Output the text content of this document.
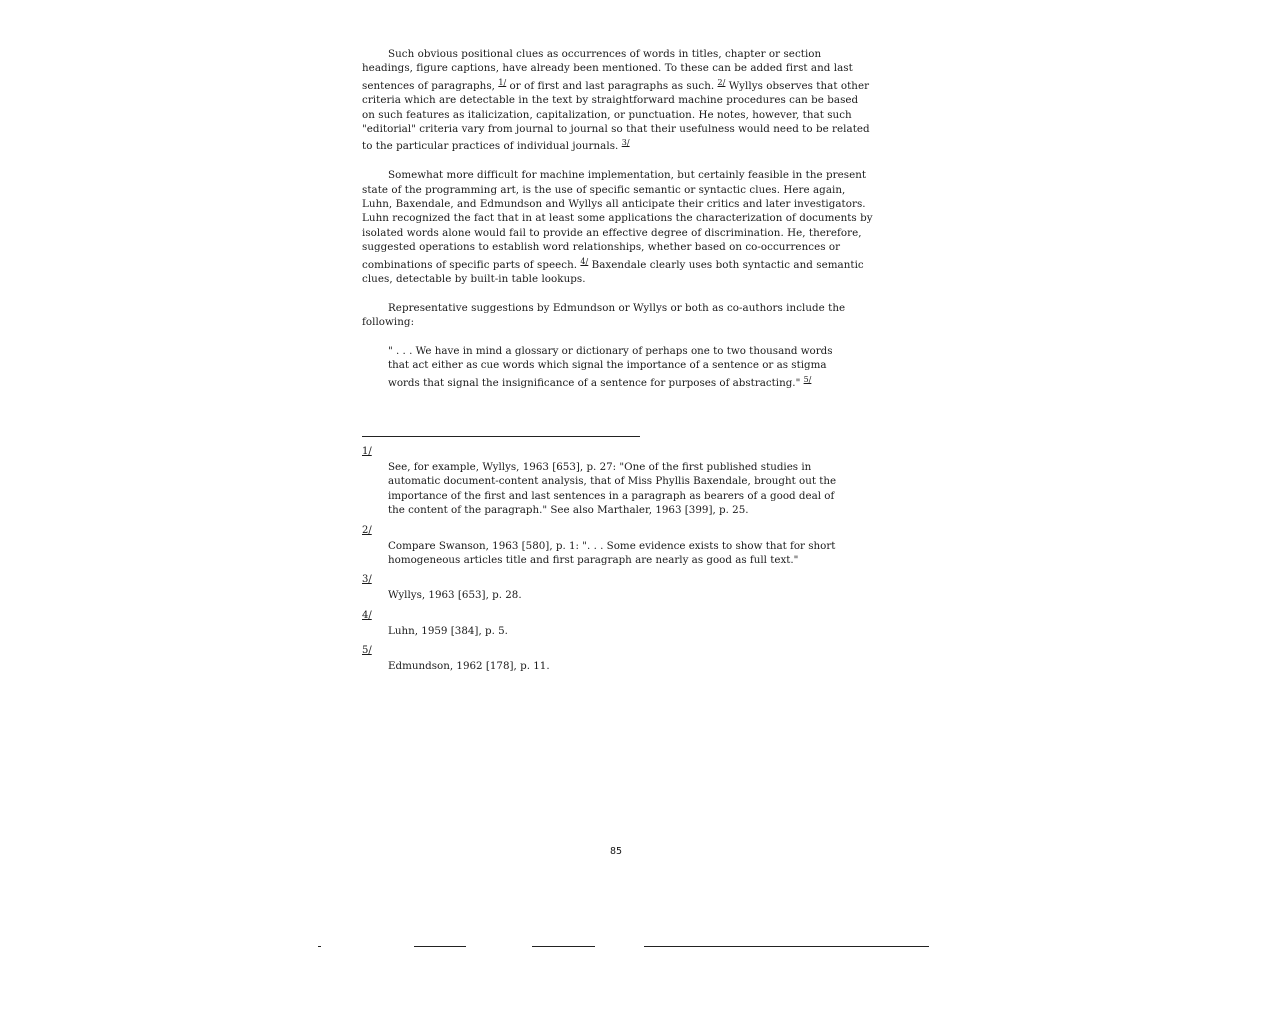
Such obvious positional clues as occurrences of words in titles, chapter or section headings, figure captions, have already been mentioned. To these can be added first and last sentences of paragraphs, $^{1/}$ or of first and last paragraphs as such. $^{2/}$ Wyllys observes that other criteria which are detectable in the text by straightforward machine procedures can be based on such features as italicization, capitalization, or punctuation. He notes, however, that such "editorial" criteria vary from journal to journal so that their usefulness would need to be related to the particular practices of individual journals. $^{3/}$

Somewhat more difficult for machine implementation, but certainly feasible in the present state of the programming art, is the use of specific semantic or syntactic clues. Here again, Luhn, Baxendale, and Edmundson and Wyllys all anticipate their critics and later investigators. Luhn recognized the fact that in at least some applications the characterization of documents by isolated words alone would fail to provide an effective degree of discrimination. He, therefore, suggested operations to establish word relationships, whether based on co-occurrences or combinations of specific parts of speech. $^{4/}$ Baxendale clearly uses both syntactic and semantic clues, detectable by built-in table lookups.

Representative suggestions by Edmundson or Wyllys or both as co-authors include the following:

" . . . We have in mind a glossary or dictionary of perhaps one to two thousand words that act either as cue words which signal the importance of a sentence or as stigma words that signal the insignificance of a sentence for purposes of abstracting." $^{5/}$
1/
See, for example, Wyllys, 1963 [653], p. 27: "One of the first published studies in automatic document-content analysis, that of Miss Phyllis Baxendale, brought out the importance of the first and last sentences in a paragraph as bearers of a good deal of the content of the paragraph." See also Marthaler, 1963 [399], p. 25.
2/
Compare Swanson, 1963 [580], p. 1: ". . . Some evidence exists to show that for short homogeneous articles title and first paragraph are nearly as good as full text."
3/
Wyllys, 1963 [653], p. 28.
4/
Luhn, 1959 [384], p. 5.
5/
Edmundson, 1962 [178], p. 11.
85
